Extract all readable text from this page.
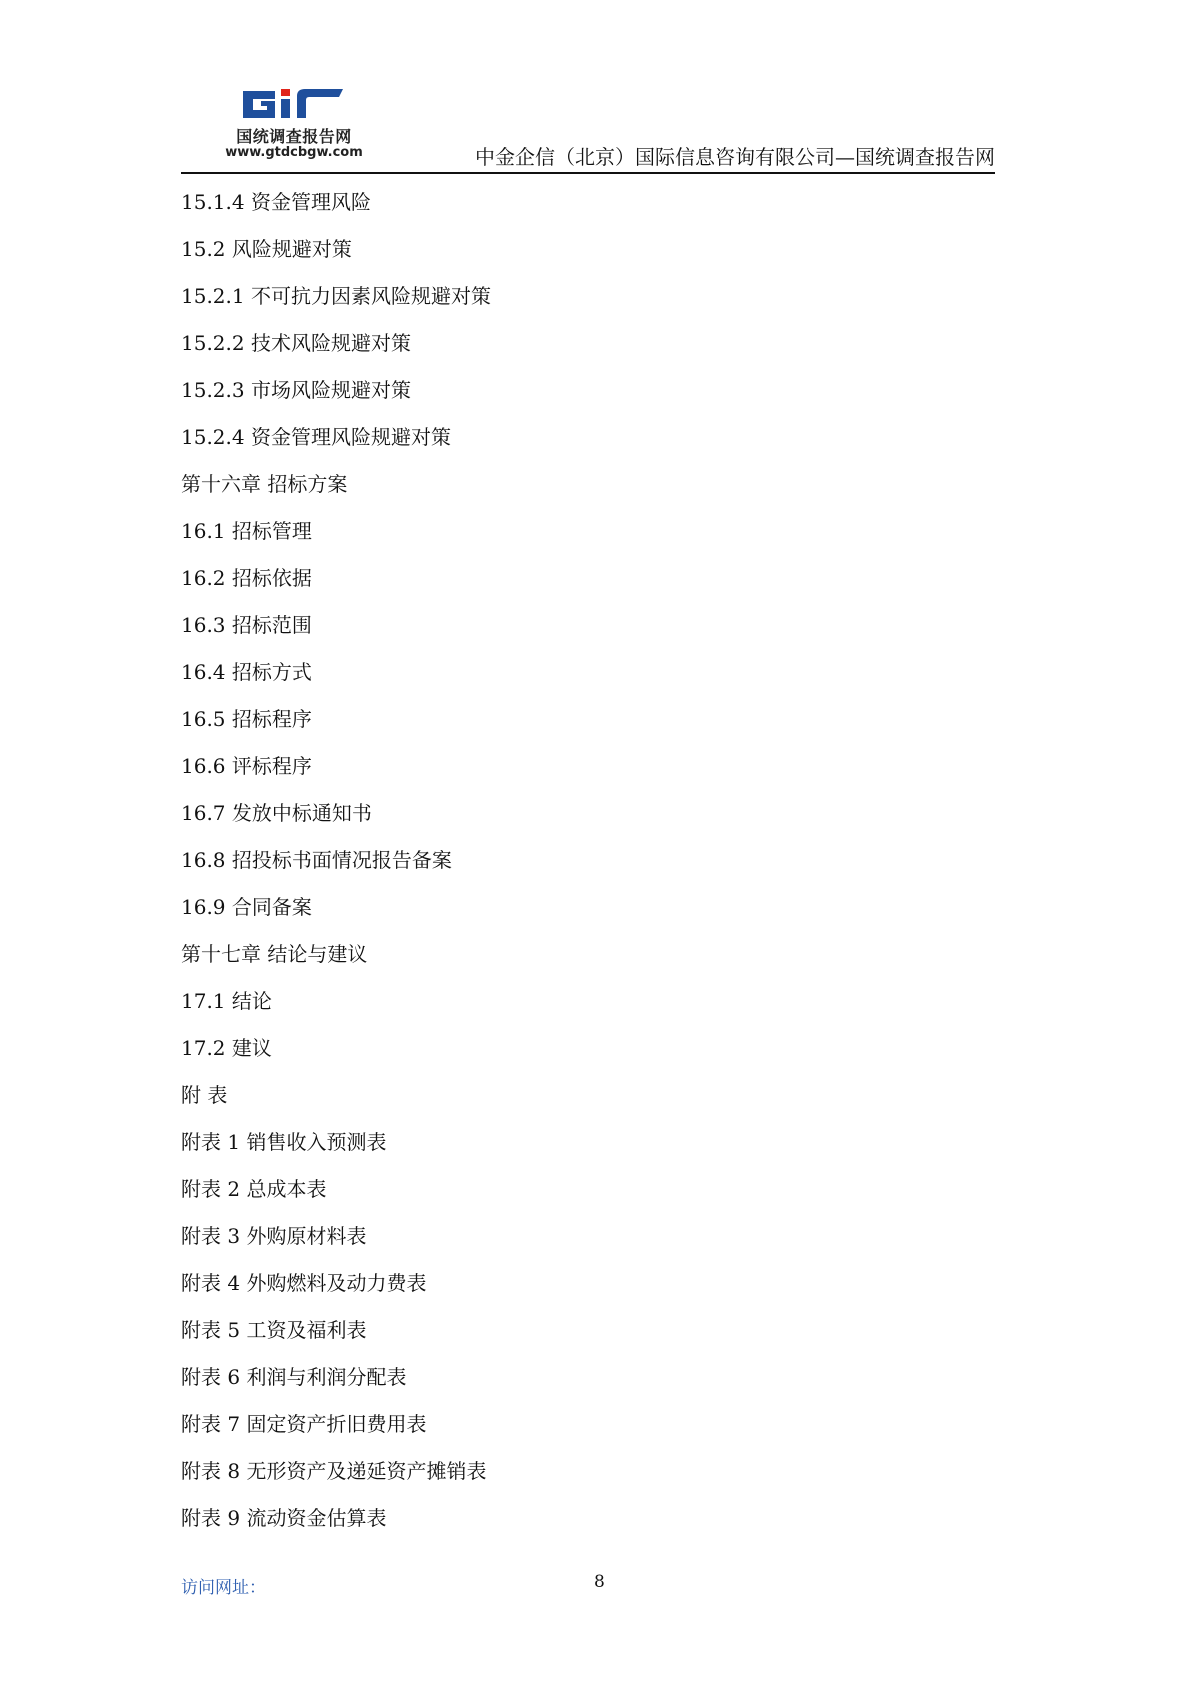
国统调查报告网
www.gtdcbgw.com	中金企信（北京）国际信息咨询有限公司—国统调查报告网
15.1.4 资金管理风险
15.2 风险规避对策
15.2.1 不可抗力因素风险规避对策
15.2.2 技术风险规避对策
15.2.3 市场风险规避对策
15.2.4 资金管理风险规避对策
第十六章 招标方案
16.1 招标管理
16.2 招标依据
16.3 招标范围
16.4 招标方式
16.5 招标程序
16.6 评标程序
16.7 发放中标通知书
16.8 招投标书面情况报告备案
16.9 合同备案
第十七章 结论与建议
17.1 结论
17.2 建议
附 表
附表 1 销售收入预测表
附表 2 总成本表
附表 3 外购原材料表
附表 4 外购燃料及动力费表
附表 5 工资及福利表
附表 6 利润与利润分配表
附表 7 固定资产折旧费用表
附表 8 无形资产及递延资产摊销表
附表 9 流动资金估算表
访问网址：	8
